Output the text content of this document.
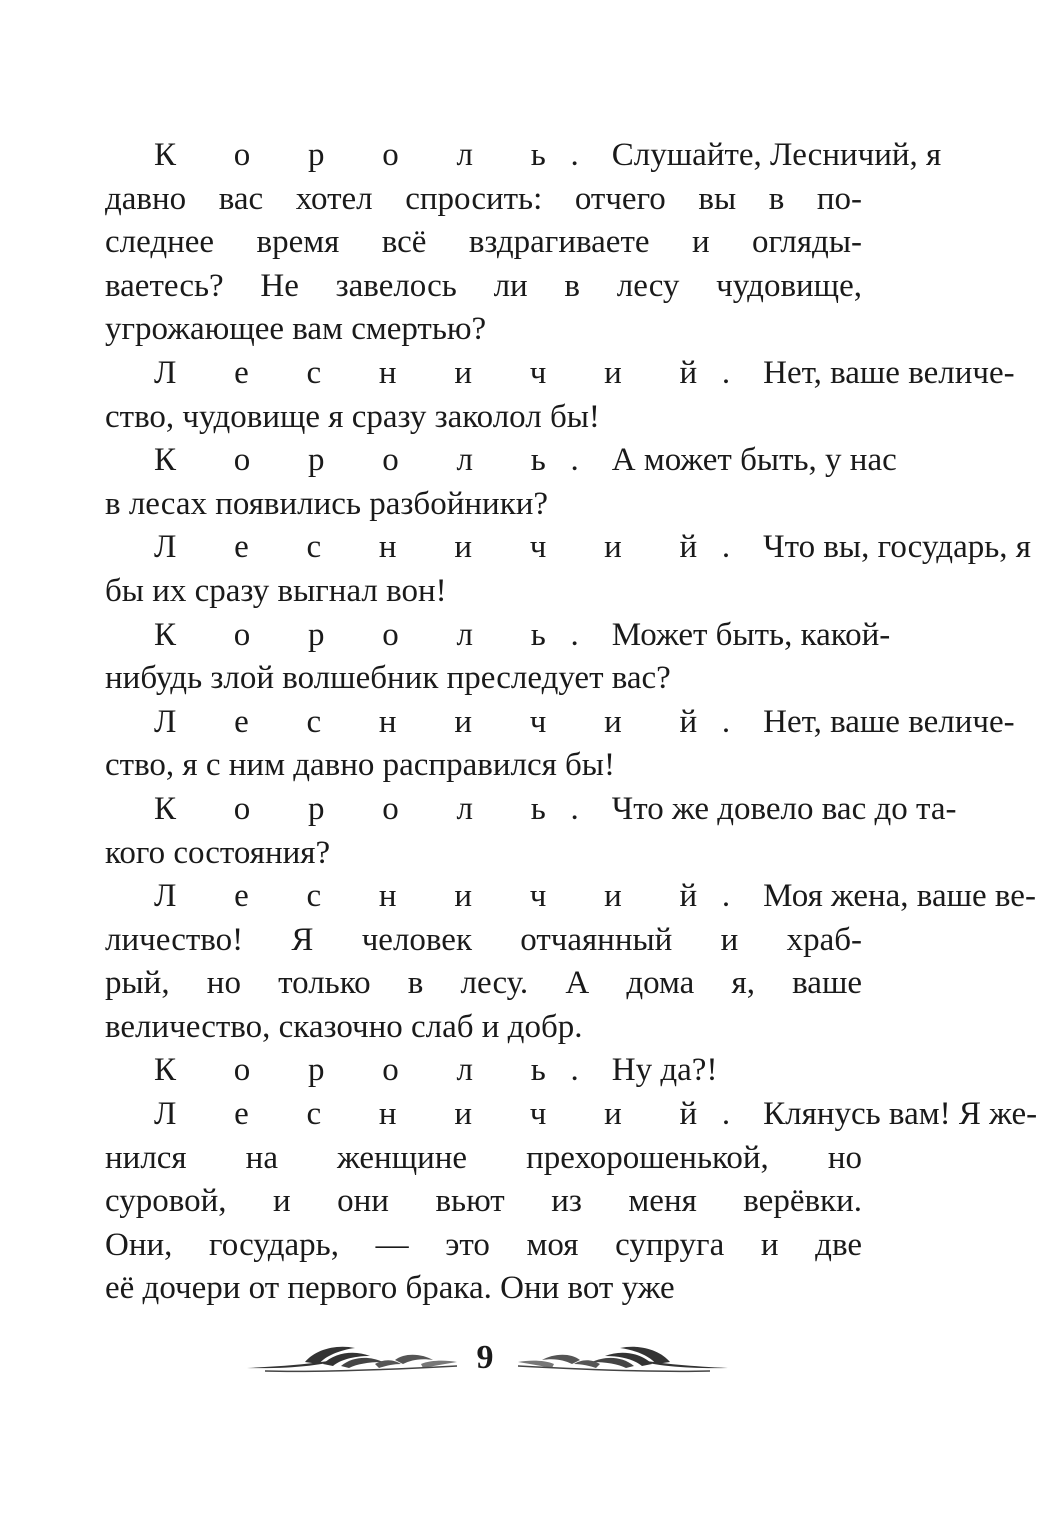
К о р о л ь. Слушайте, Лесничий, я
давно вас хотел спросить: отчего вы в по-
следнее время всё вздрагиваете и огляды-
ваетесь? Не завелось ли в лесу чудовище,
угрожающее вам смертью?
Л е с н и ч и й. Нет, ваше величе-
ство, чудовище я сразу заколол бы!
К о р о л ь. А может быть, у нас
в лесах появились разбойники?
Л е с н и ч и й. Что вы, государь, я
бы их сразу выгнал вон!
К о р о л ь. Может быть, какой-
нибудь злой волшебник преследует вас?
Л е с н и ч и й. Нет, ваше величе-
ство, я с ним давно расправился бы!
К о р о л ь. Что же довело вас до та-
кого состояния?
Л е с н и ч и й. Моя жена, ваше ве-
личество! Я человек отчаянный и храб-
рый, но только в лесу. А дома я, ваше
величество, сказочно слаб и добр.
К о р о л ь. Ну да?!
Л е с н и ч и й. Клянусь вам! Я же-
нился на женщине прехорошенькой, но
суровой, и они вьют из меня верёвки.
Они, государь, — это моя супруга и две
её дочери от первого брака. Они вот уже
9
